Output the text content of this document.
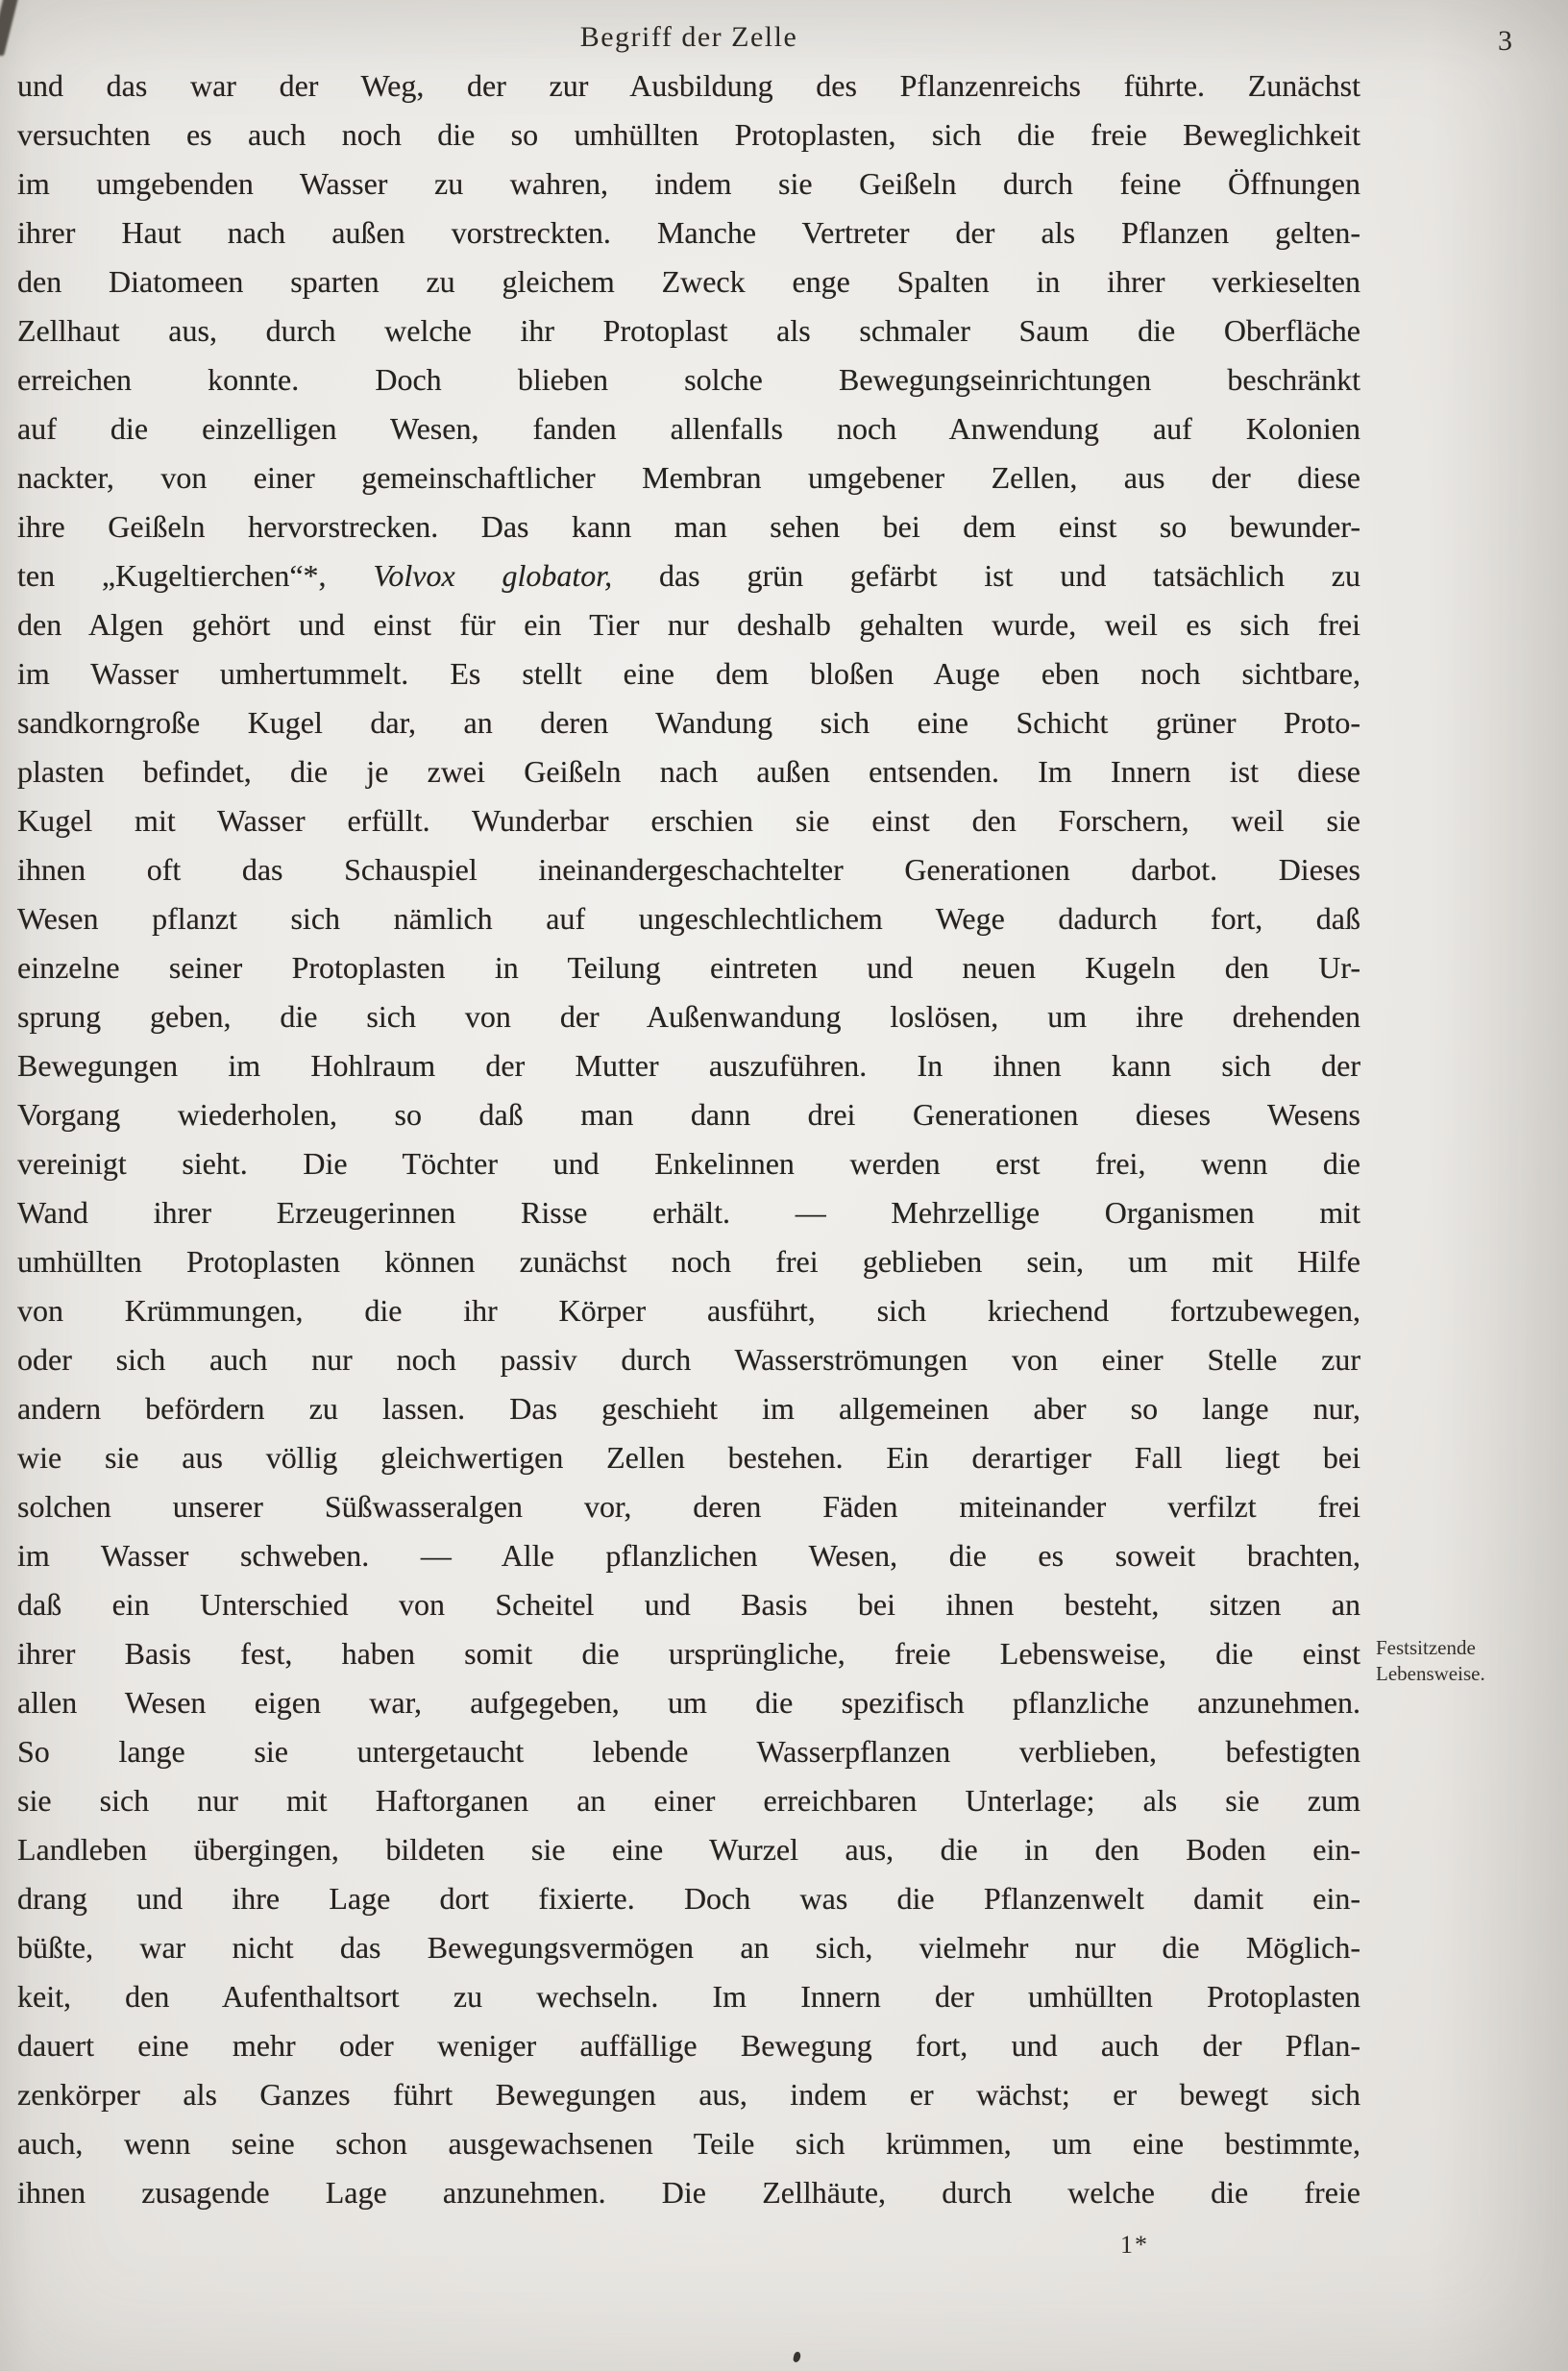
Begriff der Zelle	3
und das war der Weg, der zur Ausbildung des Pflanzenreichs führte. Zunächst
versuchten es auch noch die so umhüllten Protoplasten, sich die freie Beweglichkeit
im umgebenden Wasser zu wahren, indem sie Geißeln durch feine Öffnungen
ihrer Haut nach außen vorstreckten. Manche Vertreter der als Pflanzen gelten-
den Diatomeen sparten zu gleichem Zweck enge Spalten in ihrer verkieselten
Zellhaut aus, durch welche ihr Protoplast als schmaler Saum die Oberfläche
erreichen konnte. Doch blieben solche Bewegungseinrichtungen beschränkt
auf die einzelligen Wesen, fanden allenfalls noch Anwendung auf Kolonien
nackter, von einer gemeinschaftlicher Membran umgebener Zellen, aus der diese
ihre Geißeln hervorstrecken. Das kann man sehen bei dem einst so bewunder-
ten „Kugeltierchen“*, Volvox globator, das grün gefärbt ist und tatsächlich zu
den Algen gehört und einst für ein Tier nur deshalb gehalten wurde, weil es sich frei
im Wasser umhertummelt. Es stellt eine dem bloßen Auge eben noch sichtbare,
sandkorngroße Kugel dar, an deren Wandung sich eine Schicht grüner Proto-
plasten befindet, die je zwei Geißeln nach außen entsenden. Im Innern ist diese
Kugel mit Wasser erfüllt. Wunderbar erschien sie einst den Forschern, weil sie
ihnen oft das Schauspiel ineinandergeschachtelter Generationen darbot. Dieses
Wesen pflanzt sich nämlich auf ungeschlechtlichem Wege dadurch fort, daß
einzelne seiner Protoplasten in Teilung eintreten und neuen Kugeln den Ur-
sprung geben, die sich von der Außenwandung loslösen, um ihre drehenden
Bewegungen im Hohlraum der Mutter auszuführen. In ihnen kann sich der
Vorgang wiederholen, so daß man dann drei Generationen dieses Wesens
vereinigt sieht. Die Töchter und Enkelinnen werden erst frei, wenn die
Wand ihrer Erzeugerinnen Risse erhält. — Mehrzellige Organismen mit
umhüllten Protoplasten können zunächst noch frei geblieben sein, um mit Hilfe
von Krümmungen, die ihr Körper ausführt, sich kriechend fortzubewegen,
oder sich auch nur noch passiv durch Wasserströmungen von einer Stelle zur
andern befördern zu lassen. Das geschieht im allgemeinen aber so lange nur,
wie sie aus völlig gleichwertigen Zellen bestehen. Ein derartiger Fall liegt bei
solchen unserer Süßwasseralgen vor, deren Fäden miteinander verfilzt frei
im Wasser schweben. — Alle pflanzlichen Wesen, die es soweit brachten,
daß ein Unterschied von Scheitel und Basis bei ihnen besteht, sitzen an
ihrer Basis fest, haben somit die ursprüngliche, freie Lebensweise, die einst
allen Wesen eigen war, aufgegeben, um die spezifisch pflanzliche anzunehmen.
So lange sie untergetaucht lebende Wasserpflanzen verblieben, befestigten
sie sich nur mit Haftorganen an einer erreichbaren Unterlage; als sie zum
Landleben übergingen, bildeten sie eine Wurzel aus, die in den Boden ein-
drang und ihre Lage dort fixierte. Doch was die Pflanzenwelt damit ein-
büßte, war nicht das Bewegungsvermögen an sich, vielmehr nur die Möglich-
keit, den Aufenthaltsort zu wechseln. Im Innern der umhüllten Protoplasten
dauert eine mehr oder weniger auffällige Bewegung fort, und auch der Pflan-
zenkörper als Ganzes führt Bewegungen aus, indem er wächst; er bewegt sich
auch, wenn seine schon ausgewachsenen Teile sich krümmen, um eine bestimmte,
ihnen zusagende Lage anzunehmen. Die Zellhäute, durch welche die freie
Festsitzende
Lebensweise.
1*
